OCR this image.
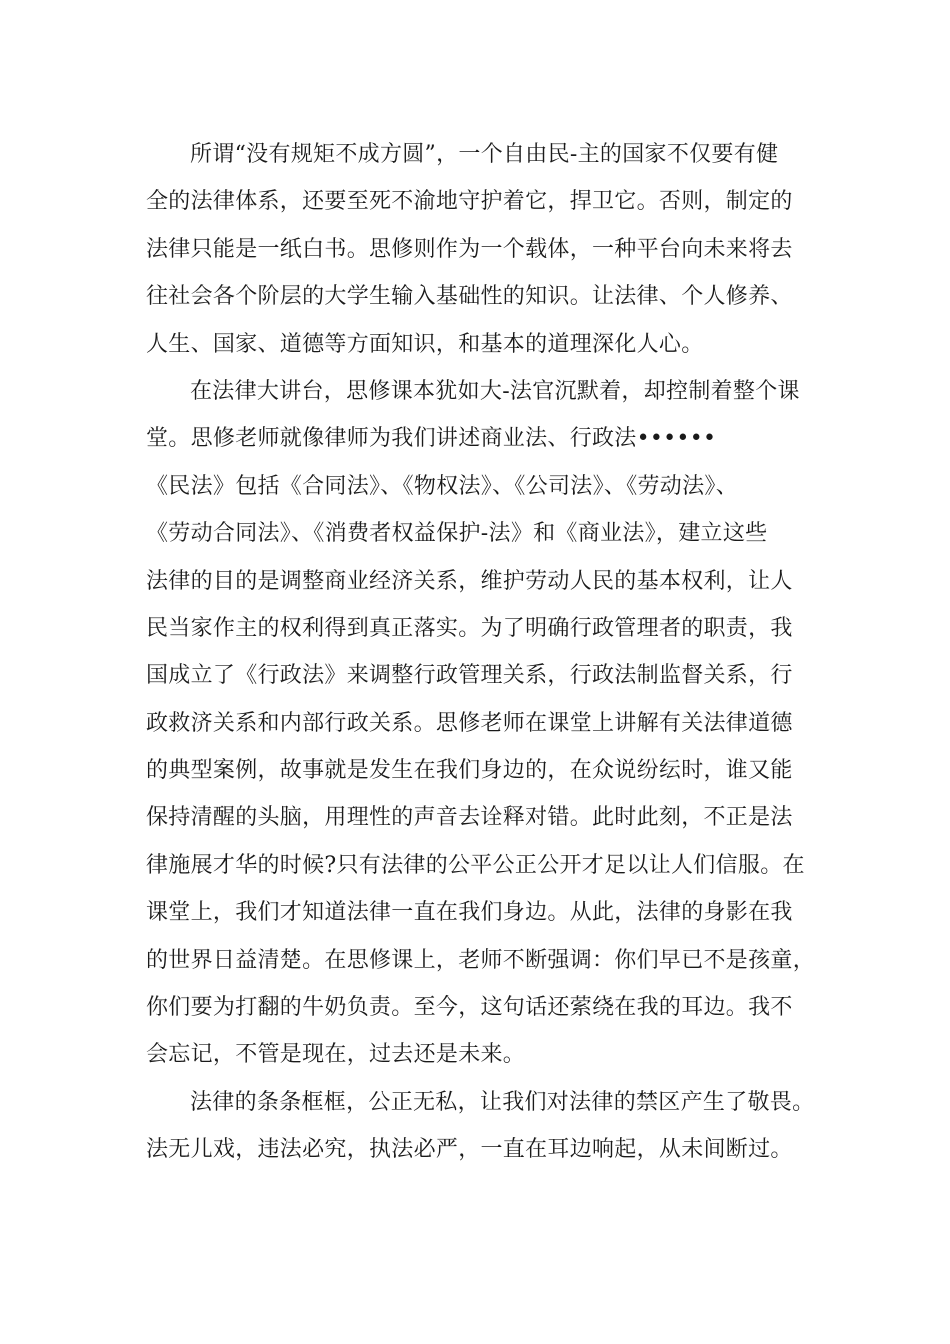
所谓“没有规矩不成方圆”，一个自由民-主的国家不仅要有健
全的法律体系，还要至死不渝地守护着它，捍卫它。否则，制定的
法律只能是一纸白书。思修则作为一个载体，一种平台向未来将去
往社会各个阶层的大学生输入基础性的知识。让法律、个人修养、
人生、国家、道德等方面知识，和基本的道理深化人心。
在法律大讲台，思修课本犹如大-法官沉默着，却控制着整个课
堂。思修老师就像律师为我们讲述商业法、行政法••••••
《民法》包括《合同法》、《物权法》、《公司法》、《劳动法》、
《劳动合同法》、《消费者权益保护-法》和《商业法》，建立这些
法律的目的是调整商业经济关系，维护劳动人民的基本权利，让人
民当家作主的权利得到真正落实。为了明确行政管理者的职责，我
国成立了《行政法》来调整行政管理关系，行政法制监督关系，行
政救济关系和内部行政关系。思修老师在课堂上讲解有关法律道德
的典型案例，故事就是发生在我们身边的，在众说纷纭时，谁又能
保持清醒的头脑，用理性的声音去诠释对错。此时此刻，不正是法
律施展才华的时候?只有法律的公平公正公开才足以让人们信服。在
课堂上，我们才知道法律一直在我们身边。从此，法律的身影在我
的世界日益清楚。在思修课上，老师不断强调：你们早已不是孩童，
你们要为打翻的牛奶负责。至今，这句话还萦绕在我的耳边。我不
会忘记，不管是现在，过去还是未来。
法律的条条框框，公正无私，让我们对法律的禁区产生了敬畏。
法无儿戏，违法必究，执法必严，一直在耳边响起，从未间断过。
